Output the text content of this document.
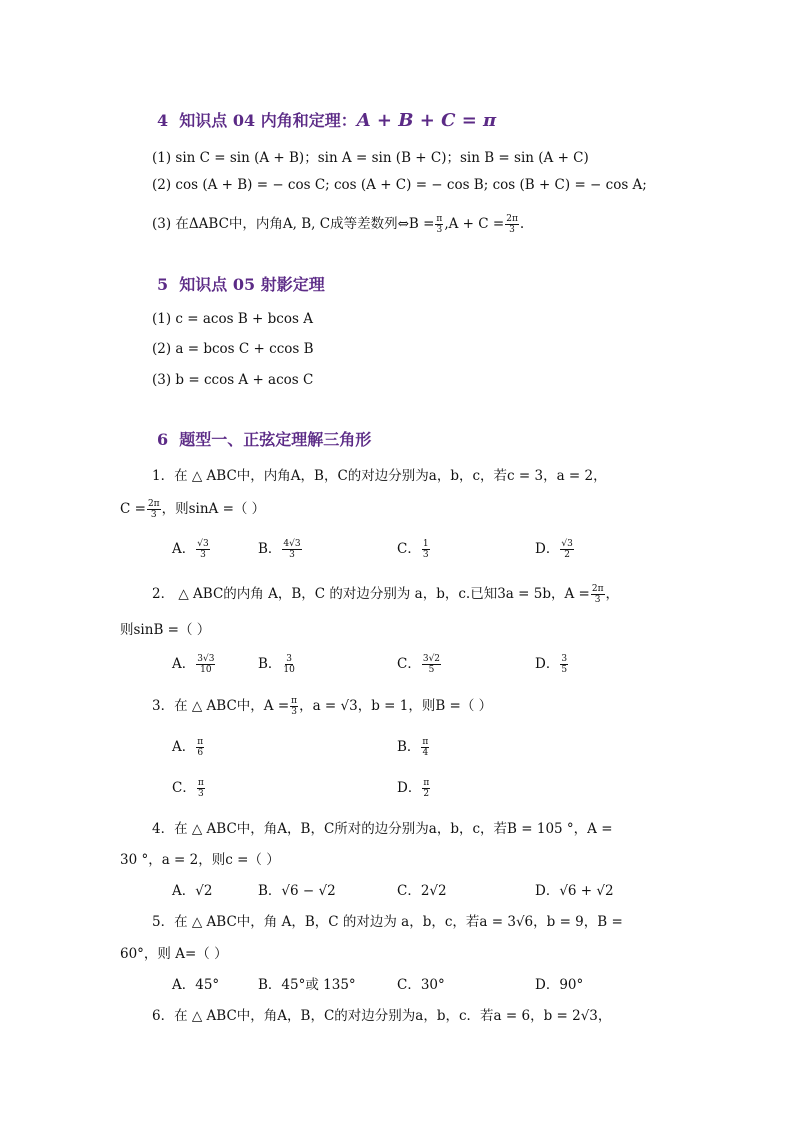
4 知识点 04 内角和定理：A + B + C = π
(1) sin C = sin (A + B)；sin A = sin (B + C)；sin B = sin (A + C)
(2) cos (A + B) = − cos C; cos (A + C) = − cos B; cos (B + C) = − cos A;
(3) 在ΔABC中，内角A, B, C成等差数列⇔B = $\frac{\pi}{3} ,A + C = \frac{2\pi}{3}$ .
5 知识点 05 射影定理
(1) c = acos B + bcos A
(2) a = bcos C + ccos B
(3) b = ccos A + acos C
6 题型一、正弦定理解三角形
1．在 △ ABC中，内角A，B，C的对边分别为a，b，c，若c = 3，a = 2，
$C = \frac{2\pi}{3}$ ，则sinA =（ ）
A． $\frac{√3}{3}$	B． $\frac{4√3}{3}$	C． $\frac{1}{3}$	D． $\frac{√3}{2}$
2． △ ABC的内角 A，B，C 的对边分别为 a，b，c.已知3a = 5b，$A = \frac{2\pi}{3}$ ，
则sinB =（ ）
A． $\frac{3√3}{10}$	B． $\frac{3}{10}$	C． $\frac{3√2}{5}$	D． $\frac{3}{5}$
3．在 △ ABC中，$A = \frac{\pi}{3}$ ，a = √3，b = 1，则B =（ ）
A． $\frac{\pi}{6}$	B． $\frac{\pi}{4}$
C． $\frac{\pi}{3}$	D． $\frac{\pi}{2}$
4．在 △ ABC中，角A，B，C所对的边分别为a，b，c，若B = 105 °，A =
30 °，a = 2，则c =（ ）
A．√2	B．√6 − √2	C．2√2	D．√6 + √2
5．在 △ ABC中，角 A，B，C 的对边为 a，b，c，若a = 3√6，b = 9，B =
60°，则 A=（ ）
A．45°	B．45°或 135°	C．30°	D．90°
6．在 △ ABC中，角A，B，C的对边分别为a，b，c．若a = 6，b = 2√3，
